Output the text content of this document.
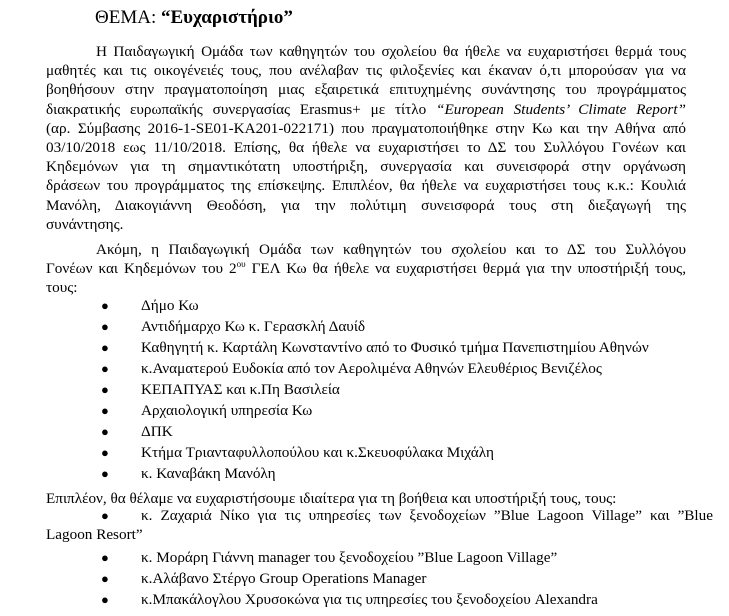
ΘΕΜΑ: “Ευχαριστήριο”
Η Παιδαγωγική Ομάδα των καθηγητών του σχολείου θα ήθελε να ευχαριστήσει θερμά τους
μαθητές και τις οικογένειές τους, που ανέλαβαν τις φιλοξενίες και έκαναν ό,τι μπορούσαν για να
βοηθήσουν στην πραγματοποίηση μιας εξαιρετικά επιτυχημένης συνάντησης του προγράμματος
διακρατικής ευρωπαϊκής συνεργασίας Erasmus+ με τίτλο “European Students’ Climate Report”
(αρ. Σύμβασης 2016-1-SE01-KA201-022171) που πραγματοποιήθηκε στην Κω και την Αθήνα από
03/10/2018 εως 11/10/2018. Επίσης, θα ήθελε να ευχαριστήσει το ΔΣ του Συλλόγου Γονέων και
Κηδεμόνων για τη σημαντικότατη υποστήριξη, συνεργασία και συνεισφορά στην οργάνωση
δράσεων του προγράμματος της επίσκεψης. Επιπλέον, θα ήθελε να ευχαριστήσει τους κ.κ.: Κουλιά
Μανόλη, Διακογιάννη Θεοδόση, για την πολύτιμη συνεισφορά τους στη διεξαγωγή της
συνάντησης.
Ακόμη, η Παιδαγωγική Ομάδα των καθηγητών του σχολείου και το ΔΣ του Συλλόγου
Γονέων και Κηδεμόνων του $2^{o\upsilon}$ ΓΕΛ Κω θα ήθελε να ευχαριστήσει θερμά για την υποστήριξή τους,
τους:
● Δήμο Κω
● Αντιδήμαρχο Κω κ. Γερασκλή Δαυίδ
● Καθηγητή κ. Καρτάλη Κωνσταντίνο από το Φυσικό τμήμα Πανεπιστημίου Αθηνών
● κ.Αναματερού Ευδοκία από τον Αερολιμένα Αθηνών Ελευθέριος Βενιζέλος
● ΚΕΠΑΠΥΑΣ και κ.Πη Βασιλεία
● Αρχαιολογική υπηρεσία Κω
● ΔΠΚ
● Κτήμα Τριανταφυλλοπούλου και κ.Σκευοφύλακα Μιχάλη
● κ. Καναβάκη Μανόλη
Επιπλέον, θα θέλαμε να ευχαριστήσουμε ιδιαίτερα για τη βοήθεια και υποστήριξή τους, τους:
● κ. Ζαχαριά Νίκο για τις υπηρεσίες των ξενοδοχείων ”Blue Lagoon Village” και ”Blue
Lagoon Resort”
● κ. Μοράρη Γιάννη manager του ξενοδοχείου ”Blue Lagoon Village”
● κ.Αλάβανο Στέργο Group Operations Manager
● κ.Μπακάλογλου Χρυσοκώνα για τις υπηρεσίες του ξενοδοχείου Alexandra
